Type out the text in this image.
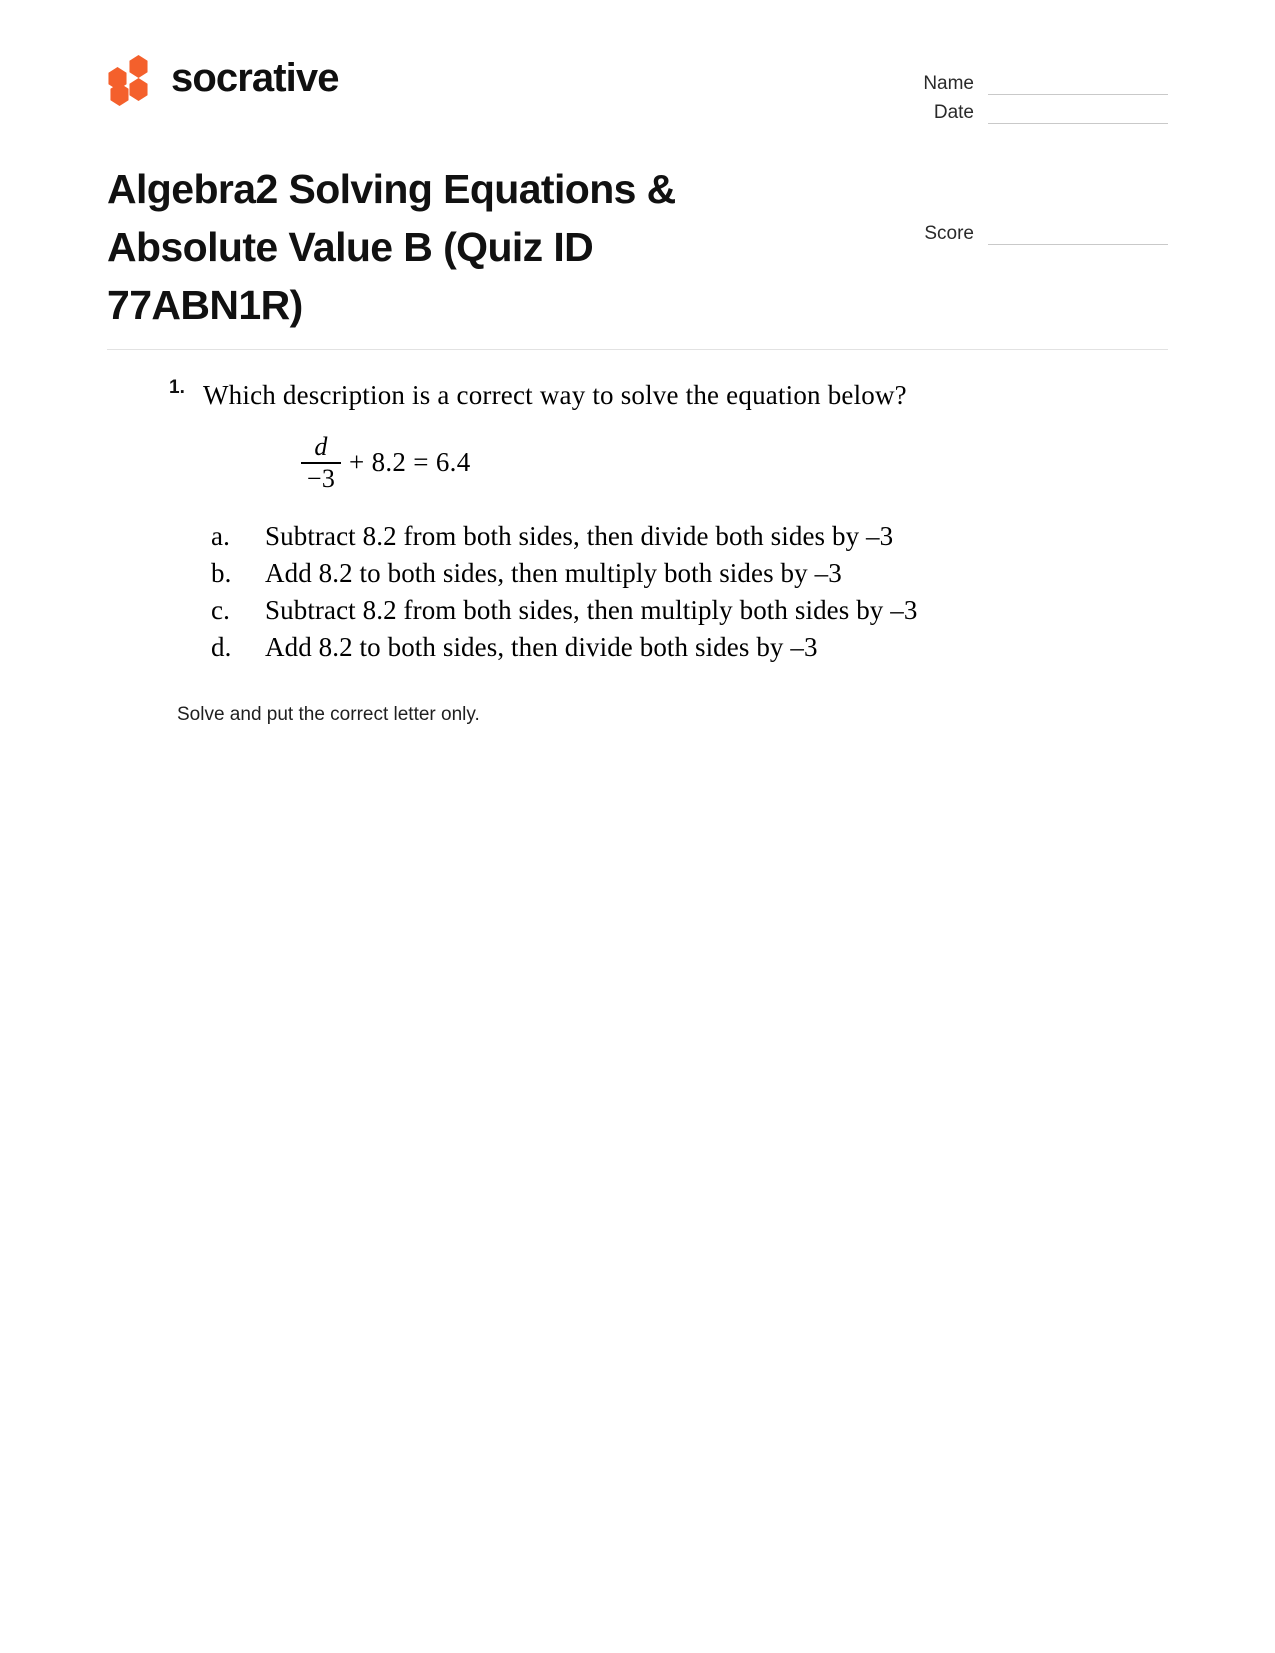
socrative	Name
Date
Algebra2 Solving Equations & Absolute Value B (Quiz ID 77ABN1R)
Score
1. Which description is a correct way to solve the equation below?

$\frac{d}{-3} + 8.2 = 6.4$
a.	Subtract 8.2 from both sides, then divide both sides by –3
b.	Add 8.2 to both sides, then multiply both sides by –3
c.	Subtract 8.2 from both sides, then multiply both sides by –3
d.	Add 8.2 to both sides, then divide both sides by –3

Solve and put the correct letter only.
